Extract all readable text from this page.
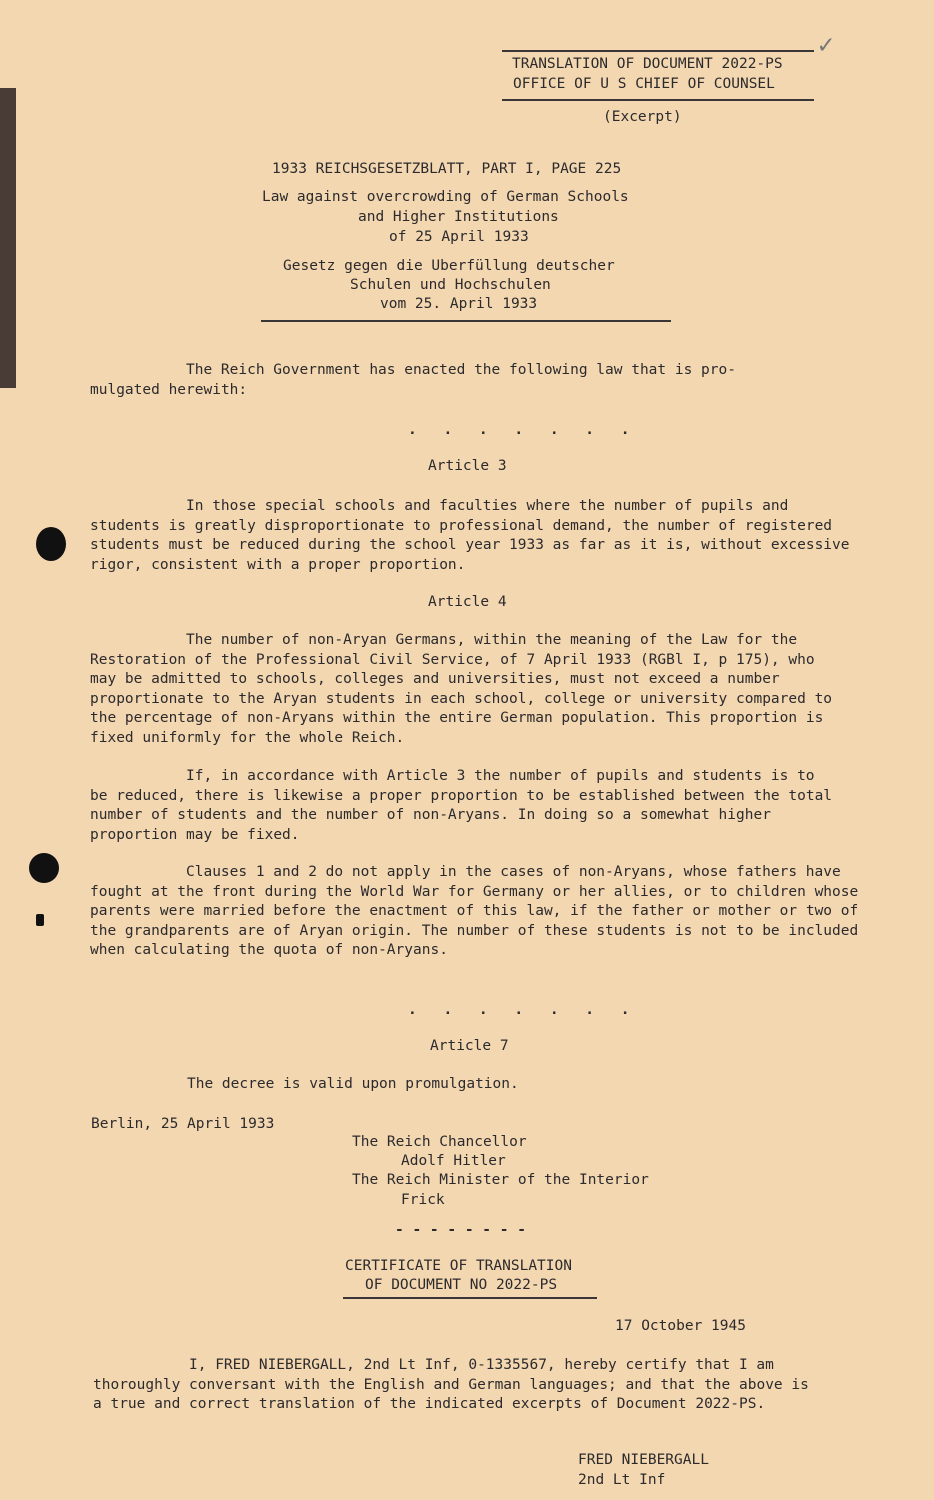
TRANSLATION OF DOCUMENT 2022-PS
OFFICE OF U S CHIEF OF COUNSEL
(Excerpt)
✓
1933 REICHSGESETZBLATT, PART I, PAGE 225
Law against overcrowding of German Schools
and Higher Institutions
of 25 April 1933
Gesetz gegen die Uberfüllung deutscher
Schulen und Hochschulen
vom 25. April 1933
The Reich Government has enacted the following law that is pro- mulgated herewith:
. . . . . . .
Article 3
In those special schools and faculties where the number of pupils and students is greatly disproportionate to professional demand, the number of registered students must be reduced during the school year 1933 as far as it is, without excessive rigor, consistent with a proper proportion.
Article 4
The number of non-Aryan Germans, within the meaning of the Law for the Restoration of the Professional Civil Service, of 7 April 1933 (RGBl I, p 175), who may be admitted to schools, colleges and universities, must not exceed a number proportionate to the Aryan students in each school, college or university compared to the percentage of non-Aryans within the entire German population. This proportion is fixed uniformly for the whole Reich.
If, in accordance with Article 3 the number of pupils and students is to be reduced, there is likewise a proper proportion to be established between the total number of students and the number of non-Aryans. In doing so a somewhat higher proportion may be fixed.
Clauses 1 and 2 do not apply in the cases of non-Aryans, whose fathers have fought at the front during the World War for Germany or her allies, or to children whose parents were married before the enactment of this law, if the father or mother or two of the grandparents are of Aryan origin. The number of these students is not to be included when calculating the quota of non-Aryans.
. . . . . . .
Article 7
The decree is valid upon promulgation.
Berlin, 25 April 1933
The Reich Chancellor
Adolf Hitler
The Reich Minister of the Interior
Frick
- - - - - - - -
CERTIFICATE OF TRANSLATION
OF DOCUMENT NO 2022-PS
17 October 1945
I, FRED NIEBERGALL, 2nd Lt Inf, 0-1335567, hereby certify that I am thoroughly conversant with the English and German languages; and that the above is a true and correct translation of the indicated excerpts of Document 2022-PS.
FRED NIEBERGALL
2nd Lt Inf
